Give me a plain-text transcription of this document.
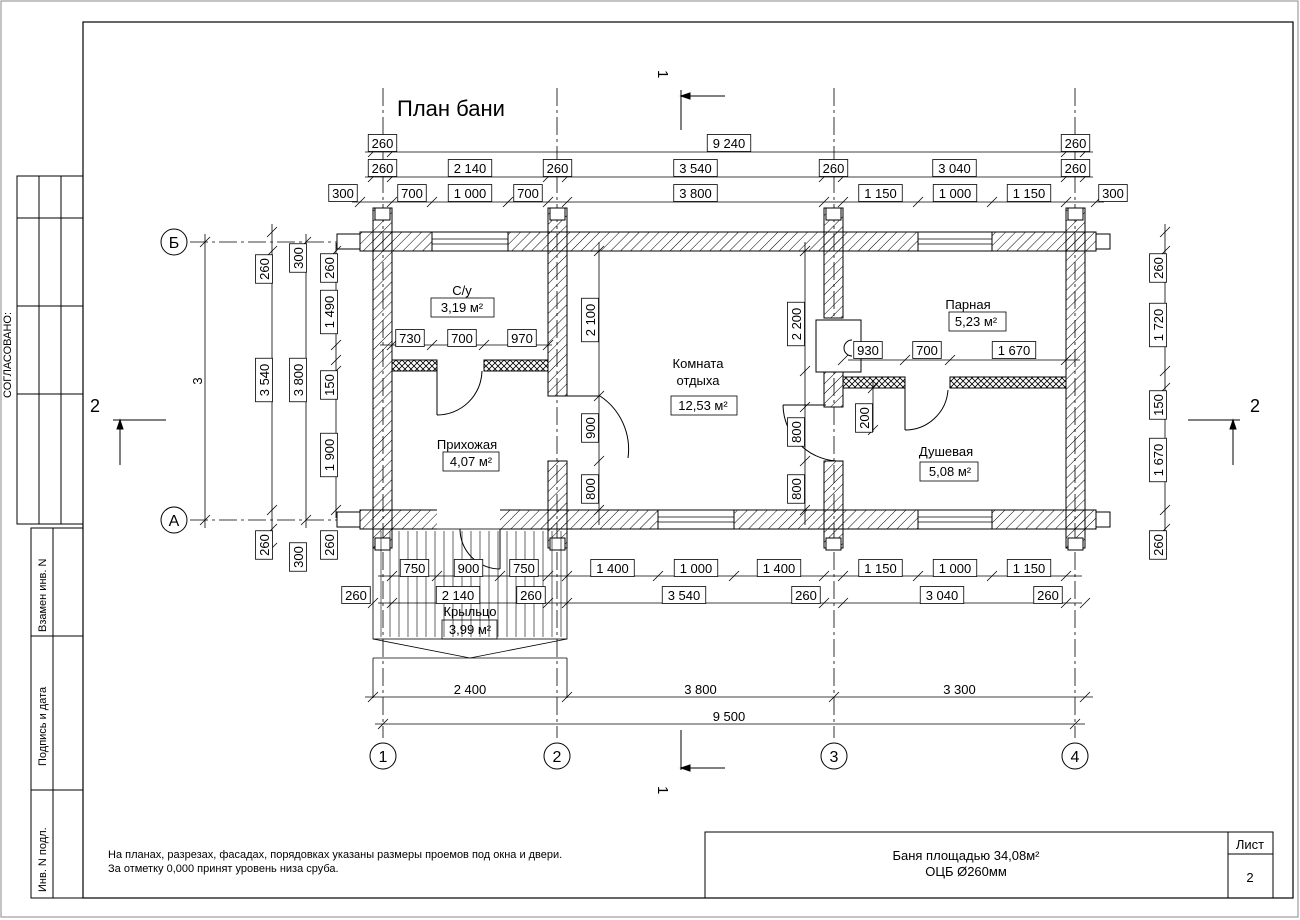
СОГЛАСОВАНО:
Взамен инв. N
Подпись и дата
Инв. N подл.
План бани
1
1
2	2
1	2	3	4
Б
А
С/у
3,19 м²	Парная
5,23 м²
Комната
отдыха
12,53 м²
Прихожая
4,07 м²
Душевая
5,08 м²
Крыльцо
3,99 м²
260	9 240	260
260	2 140	260	3 540	260	3 040	260
300	700 1 000 700	3 800	1 150	1 000	1 150	300
3
260
3 540
260
300
3 800
300
260
1 490
150
1 900
260
260
1 720
150
1 670
260
730 700	970
930	700	1 670
2 100
900
800
2 200
800
800
200
750 900	750	1 400	1 000	1 400	1 150	1 000	1 150
260	2 140	260	3 540	260	3 040	260
2 400	3 800	3 300
9 500
На планах, разрезах, фасадах, порядовках указаны размеры проемов под окна и двери.
За отметку 0,000 принят уровень низа сруба.
Баня площадью 34,08м²
ОЦБ Ø260мм
Лист
2
